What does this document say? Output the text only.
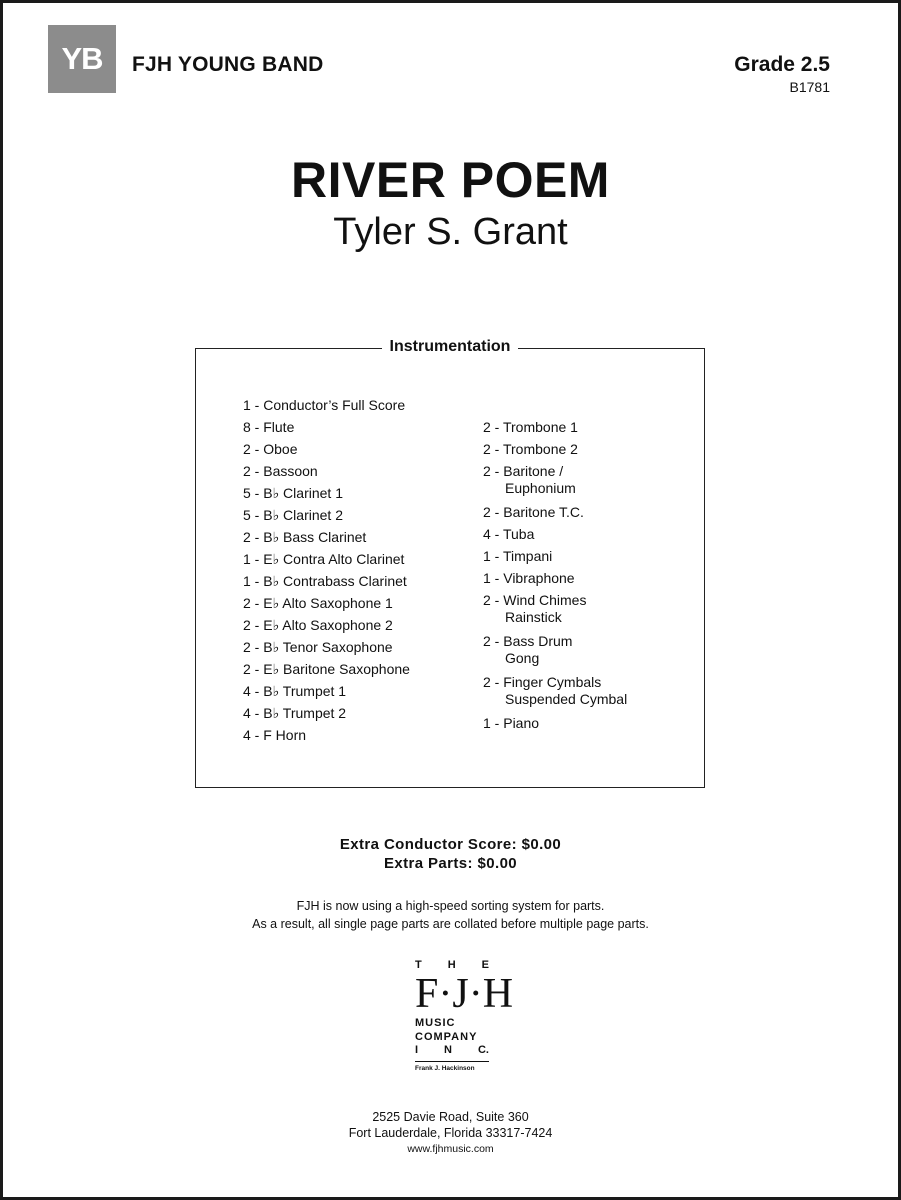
YB	FJH YOUNG BAND	Grade 2.5
B1781
RIVER POEM
Tyler S. Grant
Instrumentation
1 - Conductor’s Full Score
8 - Flute
2 - Oboe
2 - Bassoon
5 - B♭ Clarinet 1
5 - B♭ Clarinet 2
2 - B♭ Bass Clarinet
1 - E♭ Contra Alto Clarinet
1 - B♭ Contrabass Clarinet
2 - E♭ Alto Saxophone 1
2 - E♭ Alto Saxophone 2
2 - B♭ Tenor Saxophone
2 - E♭ Baritone Saxophone
4 - B♭ Trumpet 1
4 - B♭ Trumpet 2
4 - F Horn
2 - Trombone 1
2 - Trombone 2
2 - Baritone /
Euphonium
2 - Baritone T.C.
4 - Tuba
1 - Timpani
1 - Vibraphone
2 - Wind Chimes
Rainstick
2 - Bass Drum
Gong
2 - Finger Cymbals
Suspended Cymbal
1 - Piano
Extra Conductor Score: $0.00
Extra Parts: $0.00
FJH is now using a high-speed sorting system for parts.
As a result, all single page parts are collated before multiple page parts.
T H E
F · J · H
MUSIC
COMPANY
I N C.
Frank J. Hackinson
2525 Davie Road, Suite 360
Fort Lauderdale, Florida 33317-7424
www.fjhmusic.com
